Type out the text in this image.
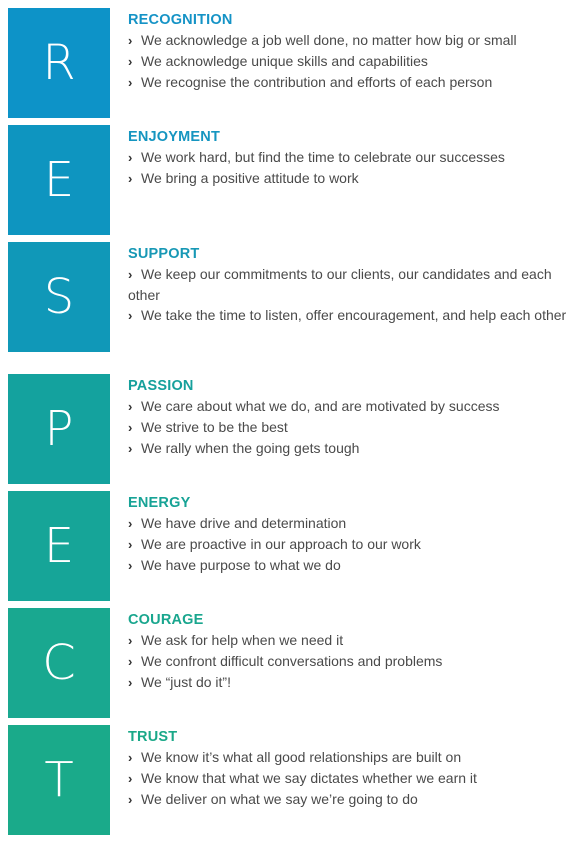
R
RECOGNITION
› We acknowledge a job well done, no matter how big or small
› We acknowledge unique skills and capabilities
› We recognise the contribution and efforts of each person
E
ENJOYMENT
› We work hard, but find the time to celebrate our successes
› We bring a positive attitude to work
S
SUPPORT
› We keep our commitments to our clients, our candidates and each other
› We take the time to listen, offer encouragement, and help each other
P
PASSION
› We care about what we do, and are motivated by success
› We strive to be the best
› We rally when the going gets tough
E
ENERGY
› We have drive and determination
› We are proactive in our approach to our work
› We have purpose to what we do
C
COURAGE
› We ask for help when we need it
› We confront difficult conversations and problems
› We “just do it”!
T
TRUST
› We know it’s what all good relationships are built on
› We know that what we say dictates whether we earn it
› We deliver on what we say we’re going to do
